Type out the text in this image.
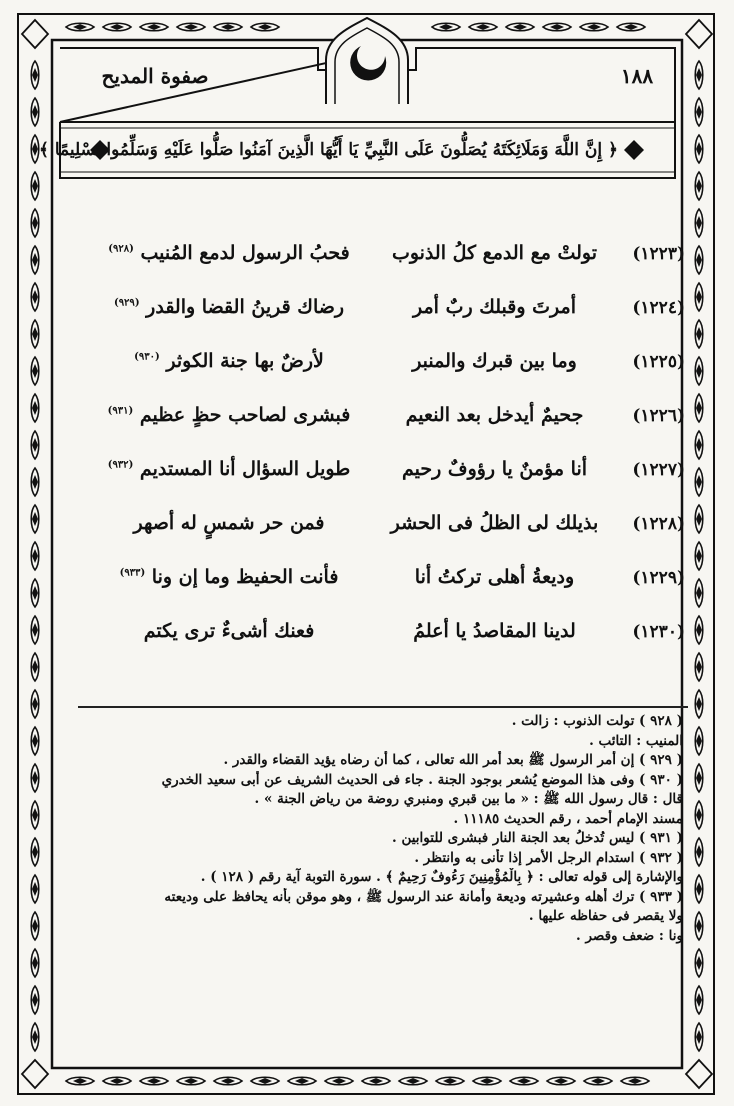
١٨٨
صفوة المديح
﴿ إِنَّ اللَّهَ وَمَلَائِكَتَهُ يُصَلُّونَ عَلَى النَّبِيِّ يَا أَيُّهَا الَّذِينَ آمَنُوا صَلُّوا عَلَيْهِ وَسَلِّمُوا تَسْلِيمًا ﴾
(١٢٢٣)
تولتْ مع الدمع كلُ الذنوب
فحبُ الرسول لدمع المُنيب $^{(٩٢٨)}$
(١٢٢٤)
أمرتَ وقبلك ربٌ أمر
رضاك قرينُ القضا والقدر $^{(٩٢٩)}$
(١٢٢٥)
وما بين قبرك والمنبر
لأرضٌ بها جنة الكوثر $^{(٩٣٠)}$
(١٢٢٦)
جحيمٌ أيدخل بعد النعيم
فبشرى لصاحب حظٍ عظيم $^{(٩٣١)}$
(١٢٢٧)
أنا مؤمنٌ يا رؤوفٌ رحيم
طويل السؤال أنا المستديم $^{(٩٣٢)}$
(١٢٢٨)
بذيلك لى الظلُ فى الحشر
فمن حر شمسٍ له أصهر
(١٢٢٩)
وديعةُ أهلى تركتُ أنا
فأنت الحفيظ وما إن ونا $^{(٩٣٣)}$
(١٢٣٠)
لدينا المقاصدُ يا أعلمُ
فعنك أشىءٌ ترى يكتم
( ٩٢٨ ) تولت الذنوب : زالت .
المنيب : التائب .
( ٩٢٩ ) إن أمر الرسول ﷺ بعد أمر الله تعالى ، كما أن رضاه يؤيد القضاء والقدر .
( ٩٣٠ ) وفى هذا الموضع يُشعر بوجود الجنة . جاء فى الحديث الشريف عن أبى سعيد الخدري
قال : قال رسول الله ﷺ : « ما بين قبري ومنبري روضة من رياض الجنة » .
مسند الإمام أحمد ، رقم الحديث ١١١٨٥ .
( ٩٣١ ) ليس تُدخلُ بعد الجنة النار فبشرى للتوابين .
( ٩٣٢ ) استدام الرجل الأمر إذا تأنى به وانتظر .
والإشارة إلى قوله تعالى : ﴿ بِالْمُؤْمِنِينَ رَءُوفٌ رَحِيمٌ ﴾ . سورة التوبة آية رقم ( ١٢٨ ) .
( ٩٣٣ ) ترك أهله وعشيرته وديعة وأمانة عند الرسول ﷺ ، وهو موقن بأنه يحافظ على وديعته
ولا يقصر فى حفاظه عليها .
ونا : ضعف وقصر .
